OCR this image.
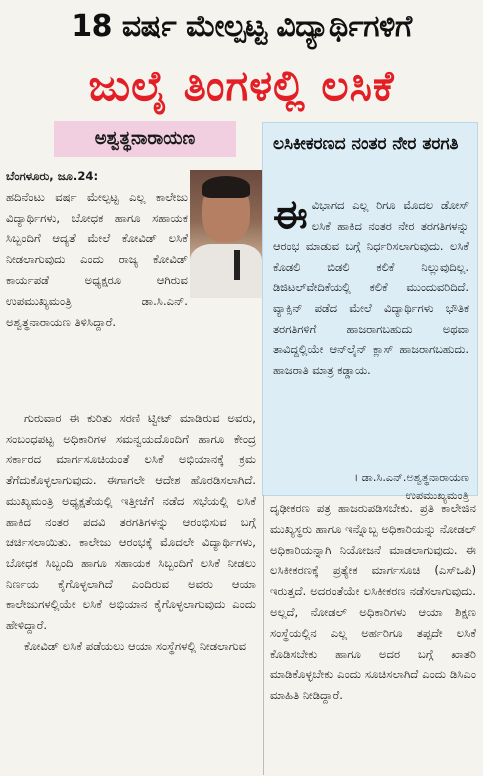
18 ವರ್ಷ ಮೇಲ್ಪಟ್ಟ ವಿದ್ಯಾರ್ಥಿಗಳಿಗೆ
ಜುಲೈ ತಿಂಗಳಲ್ಲಿ ಲಸಿಕೆ
ಅಶ್ವತ್ಥನಾರಾಯಣ

ಬೆಂಗಳೂರು, ಜೂ.24:

ಹದಿನೆಂಟು ವರ್ಷ ಮೇಲ್ಪಟ್ಟ ಎಲ್ಲ ಕಾಲೇಜು ವಿದ್ಯಾರ್ಥಿಗಳು, ಬೋಧಕ ಹಾಗೂ ಸಹಾಯಕ ಸಿಬ್ಬಂದಿಗೆ ಆದ್ಯತೆ ಮೇಲೆ ಕೋವಿಡ್ ಲಸಿಕೆ ನೀಡಲಾಗುವುದು ಎಂದು ರಾಜ್ಯ ಕೋವಿಡ್ ಕಾರ್ಯಪಡೆ ಅಧ್ಯಕ್ಷರೂ ಆಗಿರುವ ಉಪಮುಖ್ಯಮಂತ್ರಿ ಡಾ.ಸಿ.ಎನ್. ಅಶ್ವತ್ಥನಾರಾಯಣ ತಿಳಿಸಿದ್ದಾರೆ.

ಗುರುವಾರ ಈ ಕುರಿತು ಸರಣಿ ಟ್ವೀಟ್ ಮಾಡಿರುವ ಅವರು, ಸಂಬಂಧಪಟ್ಟ ಅಧಿಕಾರಿಗಳ ಸಮನ್ವಯದೊಂದಿಗೆ ಹಾಗೂ ಕೇಂದ್ರ ಸರ್ಕಾರದ ಮಾರ್ಗಸೂಚಿಯಂತೆ ಲಸಿಕೆ ಅಭಿಯಾನಕ್ಕೆ ಕ್ರಮ ತೆಗೆದುಕೊಳ್ಳಲಾಗುವುದು. ಈಗಾಗಲೇ ಆದೇಶ ಹೊರಡಿಸಲಾಗಿದೆ. ಮುಖ್ಯಮಂತ್ರಿ ಅಧ್ಯಕ್ಷತೆಯಲ್ಲಿ ಇತ್ತೀಚೆಗೆ ನಡೆದ ಸಭೆಯಲ್ಲಿ ಲಸಿಕೆ ಹಾಕಿದ ನಂತರ ಪದವಿ ತರಗತಿಗಳನ್ನು ಆರಂಭಿಸುವ ಬಗ್ಗೆ ಚರ್ಚಿಸಲಾಯಿತು. ಕಾಲೇಜು ಆರಂಭಕ್ಕೆ ಮೊದಲೇ ವಿದ್ಯಾರ್ಥಿಗಳು, ಬೋಧಕ ಸಿಬ್ಬಂದಿ ಹಾಗೂ ಸಹಾಯಕ ಸಿಬ್ಬಂದಿಗೆ ಲಸಿಕೆ ನೀಡಲು ನಿರ್ಣಯ ಕೈಗೊಳ್ಳಲಾಗಿದೆ ಎಂದಿರುವ ಅವರು ಆಯಾ ಕಾಲೇಜುಗಳಲ್ಲಿಯೇ ಲಸಿಕೆ ಅಭಿಯಾನ ಕೈಗೊಳ್ಳಲಾಗುವುದು ಎಂದು ಹೇಳಿದ್ದಾರೆ.

ಕೋವಿಡ್ ಲಸಿಕೆ ಪಡೆಯಲು ಆಯಾ ಸಂಸ್ಥೆಗಳಲ್ಲಿ ನೀಡಲಾಗುವ

ಲಸಿಕೀಕರಣದ ನಂತರ ನೇರ ತರಗತಿ
ಈ ವಿಭಾಗದ ಎಲ್ಲ ರಿಗೂ ಮೊದಲ ಡೋಸ್ ಲಸಿಕೆ ಹಾಕಿದ ನಂತರ ನೇರ ತರಗತಿಗಳನ್ನು ಆರಂಭ ಮಾಡುವ ಬಗ್ಗೆ ನಿರ್ಧರಿಸಲಾಗುವುದು. ಲಸಿಕೆ ಕೊಡಲಿ ಬಿಡಲಿ ಕಲಿಕೆ ನಿಲ್ಲುವುದಿಲ್ಲ. ಡಿಜಿಟಲ್‌ವೇದಿಕೆಯಲ್ಲಿ ಕಲಿಕೆ ಮುಂದುವರಿದಿದೆ. ವ್ಯಾಕ್ಸಿನ್ ಪಡೆದ ಮೇಲೆ ವಿದ್ಯಾರ್ಥಿಗಳು ಭೌತಿಕ ತರಗತಿಗಳಿಗೆ ಹಾಜರಾಗಬಹುದು ಅಥವಾ ತಾವಿದ್ದಲ್ಲಿಯೇ ಆನ್‌ಲೈನ್ ಕ್ಲಾಸ್ ಹಾಜರಾಗಬಹುದು. ಹಾಜರಾತಿ ಮಾತ್ರ ಕಡ್ಡಾಯ.
। ಡಾ.ಸಿ.ಎನ್.ಅಶ್ವತ್ಥನಾರಾಯಣ
ಉಪಮುಖ್ಯಮಂತ್ರಿ

ದೃಢೀಕರಣ ಪತ್ರ ಹಾಜರುಪಡಿಸಬೇಕು. ಪ್ರತಿ ಕಾಲೇಜಿನ ಮುಖ್ಯಸ್ಥರು ಹಾಗೂ ಇನ್ನೊಬ್ಬ ಅಧಿಕಾರಿಯನ್ನು ನೋಡಲ್ ಅಧಿಕಾರಿಯನ್ನಾಗಿ ನಿಯೋಜನೆ ಮಾಡಲಾಗುವುದು. ಈ ಲಸಿಕೀಕರಣಕ್ಕೆ ಪ್ರತ್ಯೇಕ ಮಾರ್ಗಸೂಚಿ (ಎಸ್‌ಒಪಿ) ಇರುತ್ತದೆ. ಅದರಂತೆಯೇ ಲಸಿಕೀಕರಣ ನಡೆಸಲಾಗುವುದು. ಅಲ್ಲದೆ, ನೋಡಲ್ ಅಧಿಕಾರಿಗಳು ಆಯಾ ಶಿಕ್ಷಣ ಸಂಸ್ಥೆಯಲ್ಲಿನ ಎಲ್ಲ ಅರ್ಹರಿಗೂ ತಪ್ಪದೇ ಲಸಿಕೆ ಕೊಡಿಸಬೇಕು ಹಾಗೂ ಅದರ ಬಗ್ಗೆ ಖಾತರಿ ಮಾಡಿಕೊಳ್ಳಬೇಕು ಎಂದು ಸೂಚಿಸಲಾಗಿದೆ ಎಂದು ಡಿಸಿಎಂ ಮಾಹಿತಿ ನೀಡಿದ್ದಾರೆ.
